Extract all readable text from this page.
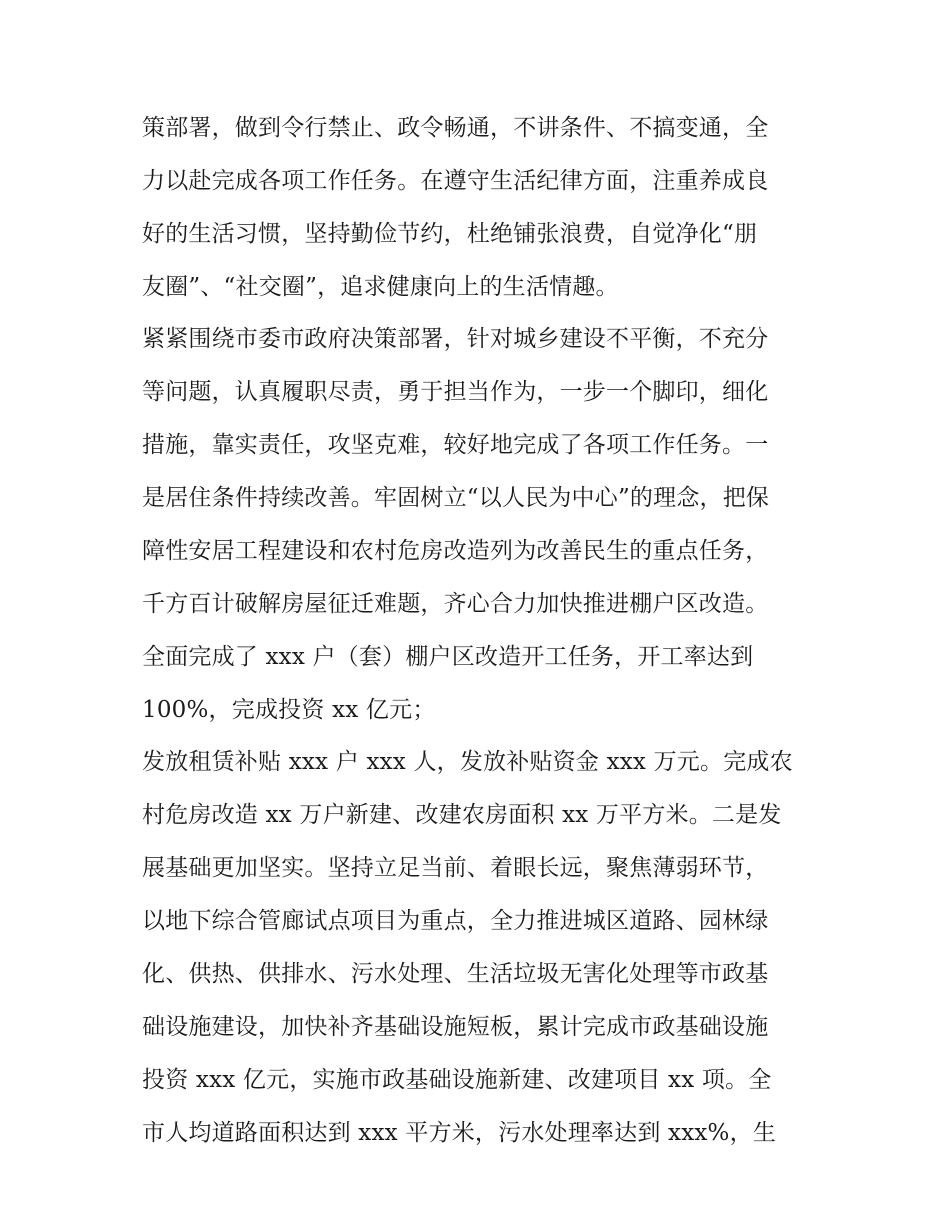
策部署，做到令行禁止、政令畅通，不讲条件、不搞变通，全
力以赴完成各项工作任务。在遵守生活纪律方面，注重养成良
好的生活习惯，坚持勤俭节约，杜绝铺张浪费，自觉净化“朋
友圈”、“社交圈”，追求健康向上的生活情趣。
紧紧围绕市委市政府决策部署，针对城乡建设不平衡，不充分
等问题，认真履职尽责，勇于担当作为，一步一个脚印，细化
措施，靠实责任，攻坚克难，较好地完成了各项工作任务。一
是居住条件持续改善。牢固树立“以人民为中心”的理念，把保
障性安居工程建设和农村危房改造列为改善民生的重点任务，
千方百计破解房屋征迁难题，齐心合力加快推进棚户区改造。
全面完成了 xxx 户（套）棚户区改造开工任务，开工率达到
100%，完成投资 xx 亿元；
发放租赁补贴 xxx 户 xxx 人，发放补贴资金 xxx 万元。完成农
村危房改造 xx 万户新建、改建农房面积 xx 万平方米。二是发
展基础更加坚实。坚持立足当前、着眼长远，聚焦薄弱环节，
以地下综合管廊试点项目为重点，全力推进城区道路、园林绿
化、供热、供排水、污水处理、生活垃圾无害化处理等市政基
础设施建设，加快补齐基础设施短板，累计完成市政基础设施
投资 xxx 亿元，实施市政基础设施新建、改建项目 xx 项。全
市人均道路面积达到 xxx 平方米，污水处理率达到 xxx%，生
